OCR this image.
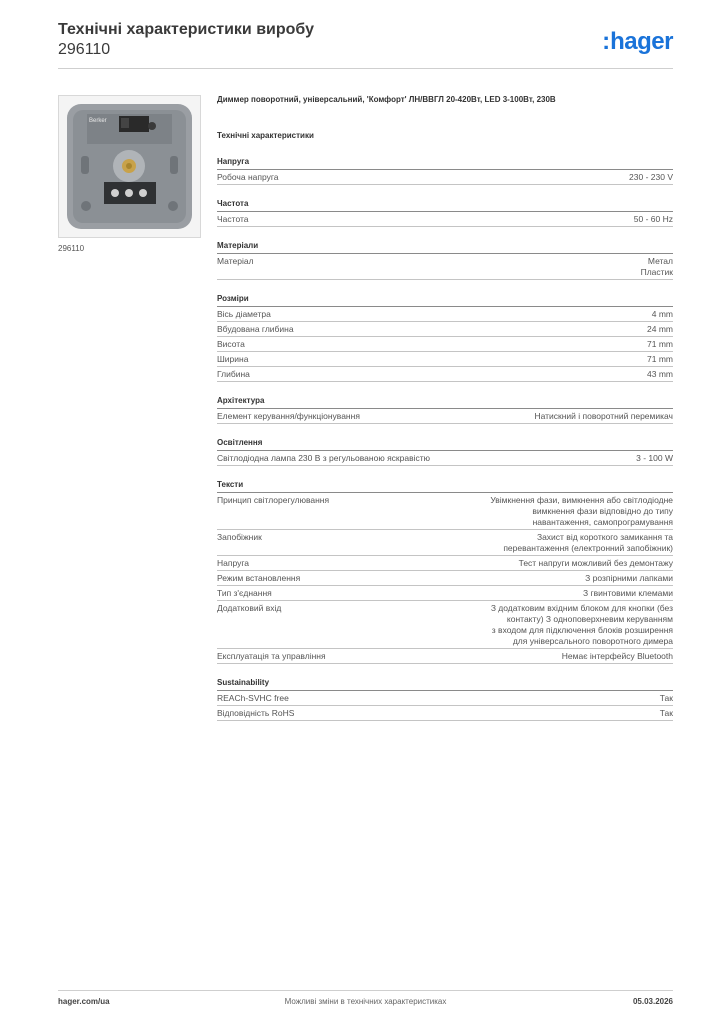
Технічні характеристики виробу
296110	:hager
Berker
296110
Диммер поворотний, універсальний, 'Комфорт' ЛН/ВВГЛ 20-420Вт, LED 3-100Вт, 230В
Технічні характеристики
Напруга
Робоча напруга	230 - 230 V
Частота
Частота	50 - 60 Hz
Матеріали
Матеріал	Метал
Пластик
Розміри
Вісь діаметра	4 mm
Вбудована глибина	24 mm
Висота	71 mm
Ширина	71 mm
Глибина	43 mm
Архітектура
Елемент керування/функціонування	Натискний і поворотний перемикач
Освітлення
Світлодіодна лампа 230 В з регульованою яскравістю	3 - 100 W
Тексти
Принцип світлорегулювання	Увімкнення фази, вимкнення або світлодіодне
вимкнення фази відповідно до типу
навантаження, самопрограмування
Запобіжник	Захист від короткого замикання та
перевантаження (електронний запобіжник)
Напруга	Тест напруги можливий без демонтажу
Режим встановлення	З розпірними лапками
Тип з'єднання	З гвинтовими клемами
Додатковий вхід	З додатковим вхідним блоком для кнопки (без
контакту) З одноповерхневим керуванням
з входом для підключення блоків розширення
для універсального поворотного димера
Експлуатація та управління	Немає інтерфейсу Bluetooth
Sustainability
REACh-SVHC free	Так
Відповідність RoHS	Так
hager.com/ua	Можливі зміни в технічних характеристиках	05.03.2026
